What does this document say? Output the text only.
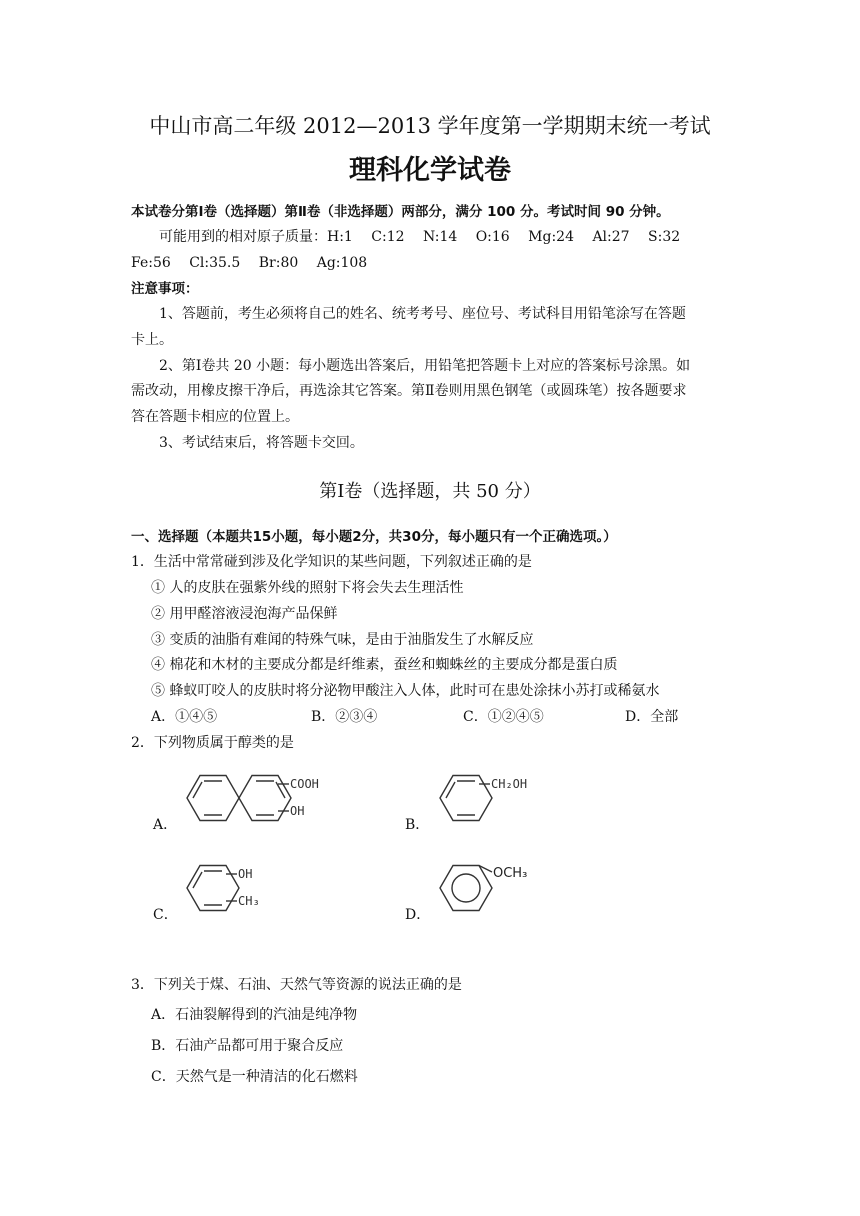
中山市高二年级 2012—2013 学年度第一学期期末统一考试
理科化学试卷
本试卷分第Ⅰ卷（选择题）第Ⅱ卷（非选择题）两部分，满分 100 分。考试时间 90 分钟。
可能用到的相对原子质量：H:1　 C:12　 N:14　 O:16　 Mg:24　 Al:27　 S:32
Fe:56　 Cl:35.5　 Br:80　 Ag:108
注意事项：
1、答题前，考生必须将自己的姓名、统考考号、座位号、考试科目用铅笔涂写在答题
卡上。
2、第Ⅰ卷共 20 小题：每小题选出答案后，用铅笔把答题卡上对应的答案标号涂黑。如
需改动，用橡皮擦干净后，再选涂其它答案。第Ⅱ卷则用黑色钢笔（或圆珠笔）按各题要求
答在答题卡相应的位置上。
3、考试结束后，将答题卡交回。
第Ⅰ卷（选择题，共 50 分）
一、选择题（本题共15小题，每小题2分，共30分，每小题只有一个正确选项。）
1．生活中常常碰到涉及化学知识的某些问题，下列叙述正确的是
① 人的皮肤在强紫外线的照射下将会失去生理活性
② 用甲醛溶液浸泡海产品保鲜
③ 变质的油脂有难闻的特殊气味，是由于油脂发生了水解反应
④ 棉花和木材的主要成分都是纤维素，蚕丝和蜘蛛丝的主要成分都是蛋白质
⑤ 蜂蚁叮咬人的皮肤时将分泌物甲酸注入人体，此时可在患处涂抹小苏打或稀氨水
A．①④⑤	B．②③④	C．①②④⑤	D．全部
2．下列物质属于醇类的是
A．
COOH
OH
B．
CH₂OH
C．
OH
CH₃
D．
OCH₃
3．下列关于煤、石油、天然气等资源的说法正确的是
A．石油裂解得到的汽油是纯净物
B．石油产品都可用于聚合反应
C．天然气是一种清洁的化石燃料
